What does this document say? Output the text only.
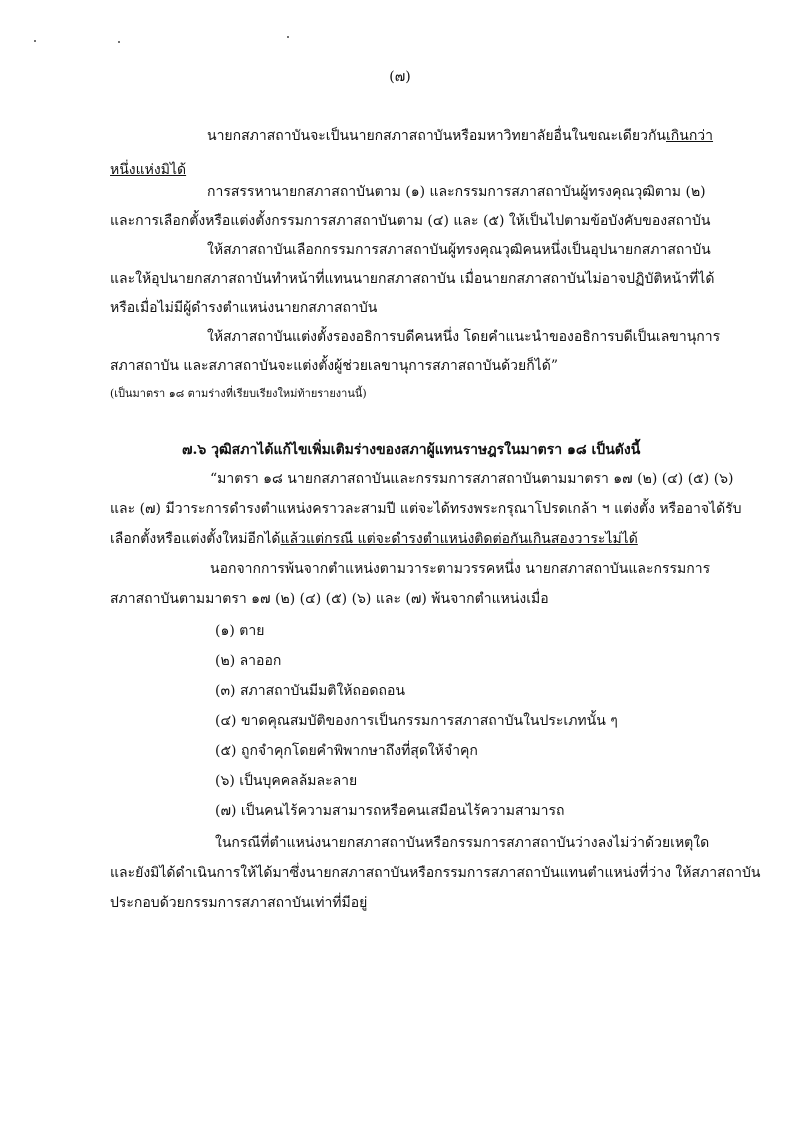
(๗)
นายกสภาสถาบันจะเป็นนายกสภาสถาบันหรือมหาวิทยาลัยอื่นในขณะเดียวกันเกินกว่า
หนึ่งแห่งมิได้
การสรรหานายกสภาสถาบันตาม (๑) และกรรมการสภาสถาบันผู้ทรงคุณวุฒิตาม (๒)
และการเลือกตั้งหรือแต่งตั้งกรรมการสภาสถาบันตาม (๔) และ (๕) ให้เป็นไปตามข้อบังคับของสถาบัน
ให้สภาสถาบันเลือกกรรมการสภาสถาบันผู้ทรงคุณวุฒิคนหนึ่งเป็นอุปนายกสภาสถาบัน
และให้อุปนายกสภาสถาบันทำหน้าที่แทนนายกสภาสถาบัน เมื่อนายกสภาสถาบันไม่อาจปฏิบัติหน้าที่ได้
หรือเมื่อไม่มีผู้ดำรงตำแหน่งนายกสภาสถาบัน
ให้สภาสถาบันแต่งตั้งรองอธิการบดีคนหนึ่ง โดยคำแนะนำของอธิการบดีเป็นเลขานุการ
สภาสถาบัน และสภาสถาบันจะแต่งตั้งผู้ช่วยเลขานุการสภาสถาบันด้วยก็ได้”
(เป็นมาตรา ๑๘ ตามร่างที่เรียบเรียงใหม่ท้ายรายงานนี้)
๗.๖ วุฒิสภาได้แก้ไขเพิ่มเติมร่างของสภาผู้แทนราษฎรในมาตรา ๑๘ เป็นดังนี้
“มาตรา ๑๘ นายกสภาสถาบันและกรรมการสภาสถาบันตามมาตรา ๑๗ (๒) (๔) (๕) (๖)
และ (๗) มีวาระการดำรงตำแหน่งคราวละสามปี แต่จะได้ทรงพระกรุณาโปรดเกล้า ฯ แต่งตั้ง หรืออาจได้รับ
เลือกตั้งหรือแต่งตั้งใหม่อีกได้แล้วแต่กรณี แต่จะดำรงตำแหน่งติดต่อกันเกินสองวาระไม่ได้
นอกจากการพ้นจากตำแหน่งตามวาระตามวรรคหนึ่ง นายกสภาสถาบันและกรรมการ
สภาสถาบันตามมาตรา ๑๗ (๒) (๔) (๕) (๖) และ (๗) พ้นจากตำแหน่งเมื่อ
(๑) ตาย
(๒) ลาออก
(๓) สภาสถาบันมีมติให้ถอดถอน
(๔) ขาดคุณสมบัติของการเป็นกรรมการสภาสถาบันในประเภทนั้น ๆ
(๕) ถูกจำคุกโดยคำพิพากษาถึงที่สุดให้จำคุก
(๖) เป็นบุคคลล้มละลาย
(๗) เป็นคนไร้ความสามารถหรือคนเสมือนไร้ความสามารถ
ในกรณีที่ตำแหน่งนายกสภาสถาบันหรือกรรมการสภาสถาบันว่างลงไม่ว่าด้วยเหตุใด
และยังมิได้ดำเนินการให้ได้มาซึ่งนายกสภาสถาบันหรือกรรมการสภาสถาบันแทนตำแหน่งที่ว่าง ให้สภาสถาบัน
ประกอบด้วยกรรมการสภาสถาบันเท่าที่มีอยู่
